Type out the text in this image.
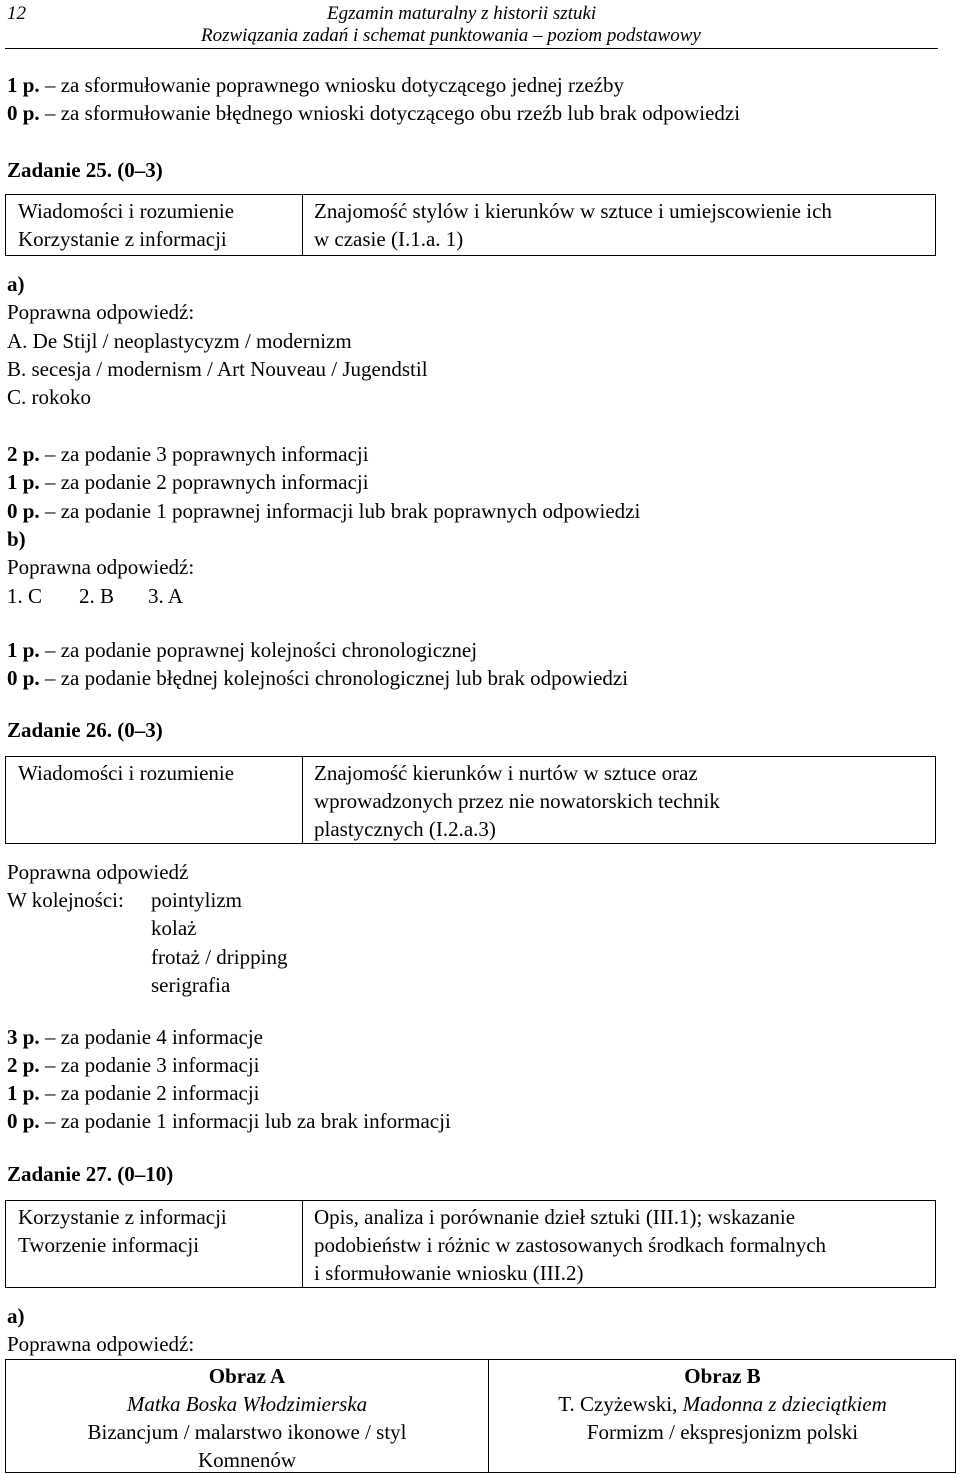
12	Egzamin maturalny z historii sztuki
Rozwiązania zadań i schemat punktowania – poziom podstawowy
1 p. – za sformułowanie poprawnego wniosku dotyczącego jednej rzeźby
0 p. – za sformułowanie błędnego wnioski dotyczącego obu rzeźb lub brak odpowiedzi
Zadanie 25. (0–3)
Wiadomości i rozumienie
Korzystanie z informacji
Znajomość stylów i kierunków w sztuce i umiejscowienie ich
w czasie (I.1.a. 1)
a)
Poprawna odpowiedź:
A. De Stijl / neoplastycyzm / modernizm
B. secesja / modernism / Art Nouveau / Jugendstil
C. rokoko
2 p. – za podanie 3 poprawnych informacji
1 p. – za podanie 2 poprawnych informacji
0 p. – za podanie 1 poprawnej informacji lub brak poprawnych odpowiedzi
b)
Poprawna odpowiedź:
1. C 2. B 3. A
1 p. – za podanie poprawnej kolejności chronologicznej
0 p. – za podanie błędnej kolejności chronologicznej lub brak odpowiedzi
Zadanie 26. (0–3)
Wiadomości i rozumienie	Znajomość kierunków i nurtów w sztuce oraz
wprowadzonych przez nie nowatorskich technik
plastycznych (I.2.a.3)
Poprawna odpowiedź
W kolejności: pointylizm
kolaż
frotaż / dripping
serigrafia
3 p. – za podanie 4 informacje
2 p. – za podanie 3 informacji
1 p. – za podanie 2 informacji
0 p. – za podanie 1 informacji lub za brak informacji
Zadanie 27. (0–10)
Korzystanie z informacji
Tworzenie informacji
Opis, analiza i porównanie dzieł sztuki (III.1); wskazanie
podobieństw i różnic w zastosowanych środkach formalnych
i sformułowanie wniosku (III.2)
a)
Poprawna odpowiedź:
Obraz A
Matka Boska Włodzimierska
Bizancjum / malarstwo ikonowe / styl
Komnenów
Obraz B
T. Czyżewski, Madonna z dzieciątkiem
Formizm / ekspresjonizm polski
